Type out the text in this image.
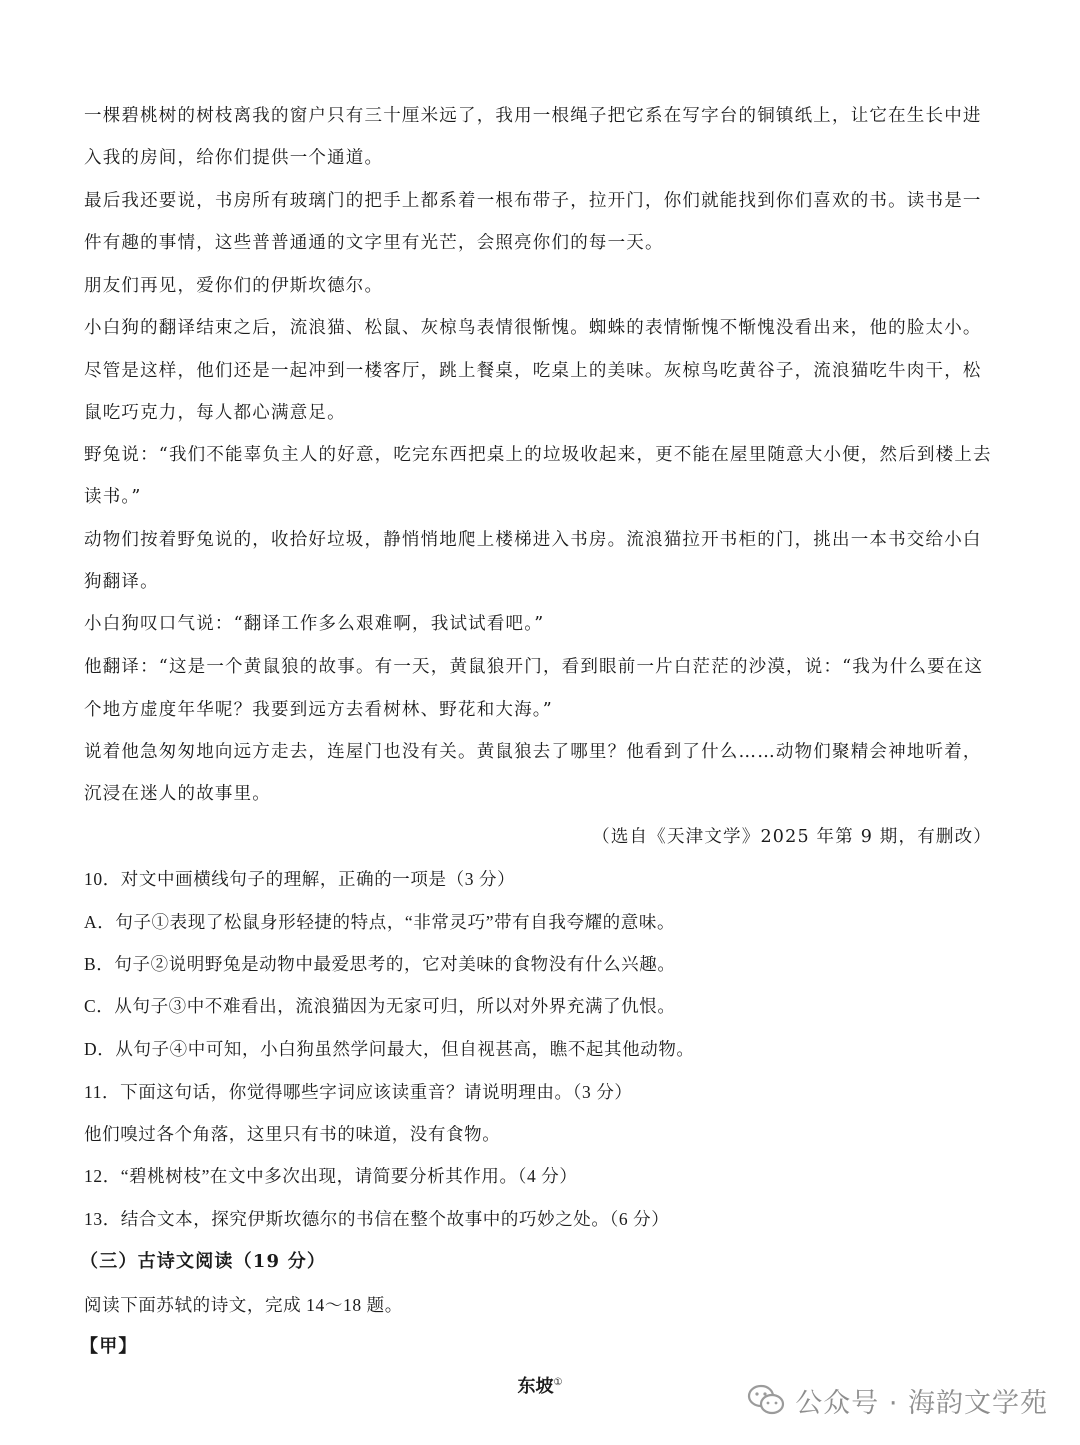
一棵碧桃树的树枝离我的窗户只有三十厘米远了，我用一根绳子把它系在写字台的铜镇纸上，让它在生长中进
入我的房间，给你们提供一个通道。
最后我还要说，书房所有玻璃门的把手上都系着一根布带子，拉开门，你们就能找到你们喜欢的书。读书是一
件有趣的事情，这些普普通通的文字里有光芒，会照亮你们的每一天。
朋友们再见，爱你们的伊斯坎德尔。
小白狗的翻译结束之后，流浪猫、松鼠、灰椋鸟表情很惭愧。蜘蛛的表情惭愧不惭愧没看出来，他的脸太小。
尽管是这样，他们还是一起冲到一楼客厅，跳上餐桌，吃桌上的美味。灰椋鸟吃黄谷子，流浪猫吃牛肉干，松
鼠吃巧克力，每人都心满意足。
野兔说：“我们不能辜负主人的好意，吃完东西把桌上的垃圾收起来，更不能在屋里随意大小便，然后到楼上去
读书。”
动物们按着野兔说的，收拾好垃圾，静悄悄地爬上楼梯进入书房。流浪猫拉开书柜的门，挑出一本书交给小白
狗翻译。
小白狗叹口气说：“翻译工作多么艰难啊，我试试看吧。”
他翻译：“这是一个黄鼠狼的故事。有一天，黄鼠狼开门，看到眼前一片白茫茫的沙漠，说：“我为什么要在这
个地方虚度年华呢？我要到远方去看树林、野花和大海。”
说着他急匆匆地向远方走去，连屋门也没有关。黄鼠狼去了哪里？他看到了什么……动物们聚精会神地听着，
沉浸在迷人的故事里。
（选自《天津文学》2025 年第 9 期，有删改）
10．对文中画横线句子的理解，正确的一项是（3 分）
A．句子①表现了松鼠身形轻捷的特点，“非常灵巧”带有自我夸耀的意味。
B．句子②说明野兔是动物中最爱思考的，它对美味的食物没有什么兴趣。
C．从句子③中不难看出，流浪猫因为无家可归，所以对外界充满了仇恨。
D．从句子④中可知，小白狗虽然学问最大，但自视甚高，瞧不起其他动物。
11．下面这句话，你觉得哪些字词应该读重音？请说明理由。（3 分）
他们嗅过各个角落，这里只有书的味道，没有食物。
12．“碧桃树枝”在文中多次出现，请简要分析其作用。（4 分）
13．结合文本，探究伊斯坎德尔的书信在整个故事中的巧妙之处。（6 分）
（三）古诗文阅读（19 分）
阅读下面苏轼的诗文，完成 14～18 题。
【甲】
东坡①
公众号 · 海韵文学苑
